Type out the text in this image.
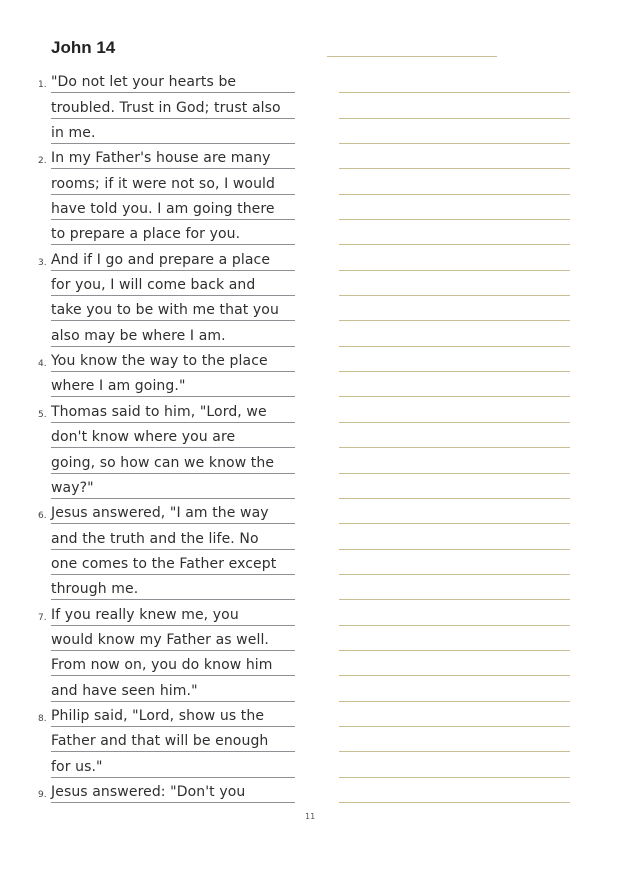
John 14
1. "Do not let your hearts be
troubled. Trust in God; trust also
in me.
2. In my Father's house are many
rooms; if it were not so, I would
have told you. I am going there
to prepare a place for you.
3. And if I go and prepare a place
for you, I will come back and
take you to be with me that you
also may be where I am.
4. You know the way to the place
where I am going."
5. Thomas said to him, "Lord, we
don't know where you are
going, so how can we know the
way?"
6. Jesus answered, "I am the way
and the truth and the life. No
one comes to the Father except
through me.
7. If you really knew me, you
would know my Father as well.
From now on, you do know him
and have seen him."
8. Philip said, "Lord, show us the
Father and that will be enough
for us."
9. Jesus answered: "Don't you
11
